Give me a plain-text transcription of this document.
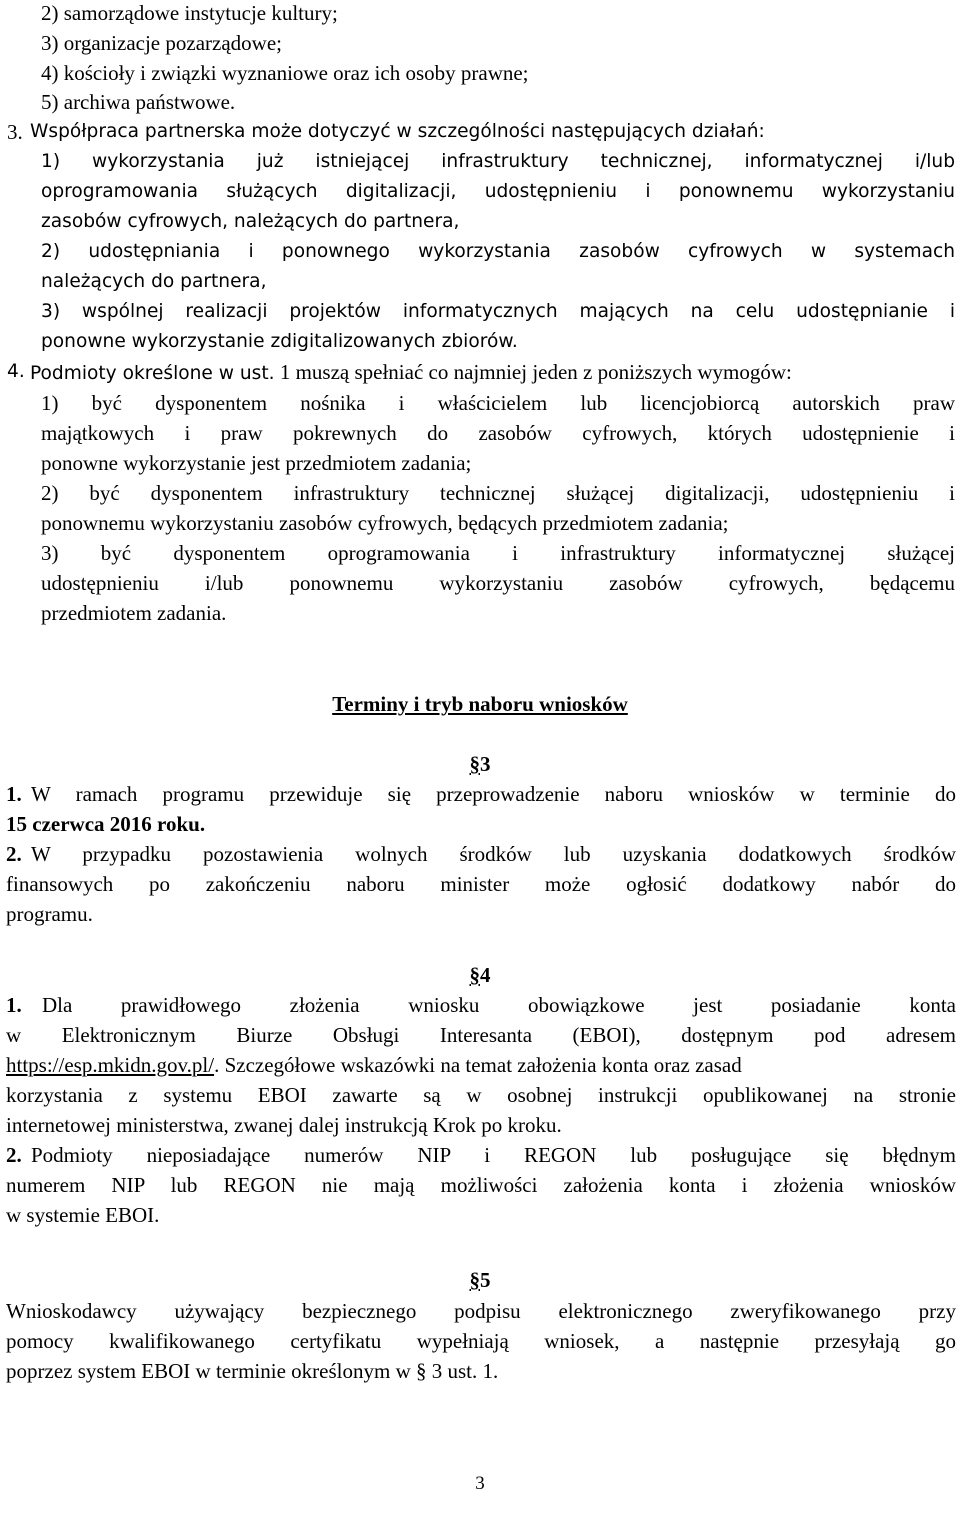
2) samorządowe instytucje kultury;
3) organizacje pozarządowe;
4) kościoły i związki wyznaniowe oraz ich osoby prawne;
5) archiwa państwowe.
3. Współpraca partnerska może dotyczyć w szczególności następujących działań:
1) wykorzystania już istniejącej infrastruktury technicznej, informatycznej i/lub
oprogramowania służących digitalizacji, udostępnieniu i ponownemu wykorzystaniu
zasobów cyfrowych, należących do partnera,
2) udostępniania i ponownego wykorzystania zasobów cyfrowych w systemach
należących do partnera,
3) wspólnej realizacji projektów informatycznych mających na celu udostępnianie i
ponowne wykorzystanie zdigitalizowanych zbiorów.
4. Podmioty określone w ust. 1 muszą spełniać co najmniej jeden z poniższych wymogów:
1) być dysponentem nośnika i właścicielem lub licencjobiorcą autorskich praw
majątkowych i praw pokrewnych do zasobów cyfrowych, których udostępnienie i
ponowne wykorzystanie jest przedmiotem zadania;
2) być dysponentem infrastruktury technicznej służącej digitalizacji, udostępnieniu i
ponownemu wykorzystaniu zasobów cyfrowych, będących przedmiotem zadania;
3) być dysponentem oprogramowania i infrastruktury informatycznej służącej
udostępnieniu i/lub ponownemu wykorzystaniu zasobów cyfrowych, będącemu
przedmiotem zadania.
Terminy i tryb naboru wniosków
§3
1. W ramach programu przewiduje się przeprowadzenie naboru wniosków w terminie do
15 czerwca 2016 roku.
2. W przypadku pozostawienia wolnych środków lub uzyskania dodatkowych środków
finansowych po zakończeniu naboru minister może ogłosić dodatkowy nabór do
programu.
§4
1. Dla prawidłowego złożenia wniosku obowiązkowe jest posiadanie konta
w Elektronicznym Biurze Obsługi Interesanta (EBOI), dostępnym pod adresem
https://esp.mkidn.gov.pl/. Szczegółowe wskazówki na temat założenia konta oraz zasad
korzystania z systemu EBOI zawarte są w osobnej instrukcji opublikowanej na stronie
internetowej ministerstwa, zwanej dalej instrukcją Krok po kroku.
2. Podmioty nieposiadające numerów NIP i REGON lub posługujące się błędnym
numerem NIP lub REGON nie mają możliwości założenia konta i złożenia wniosków
w systemie EBOI.
§5
Wnioskodawcy używający bezpiecznego podpisu elektronicznego zweryfikowanego przy
pomocy kwalifikowanego certyfikatu wypełniają wniosek, a następnie przesyłają go
poprzez system EBOI w terminie określonym w § 3 ust. 1.
3
